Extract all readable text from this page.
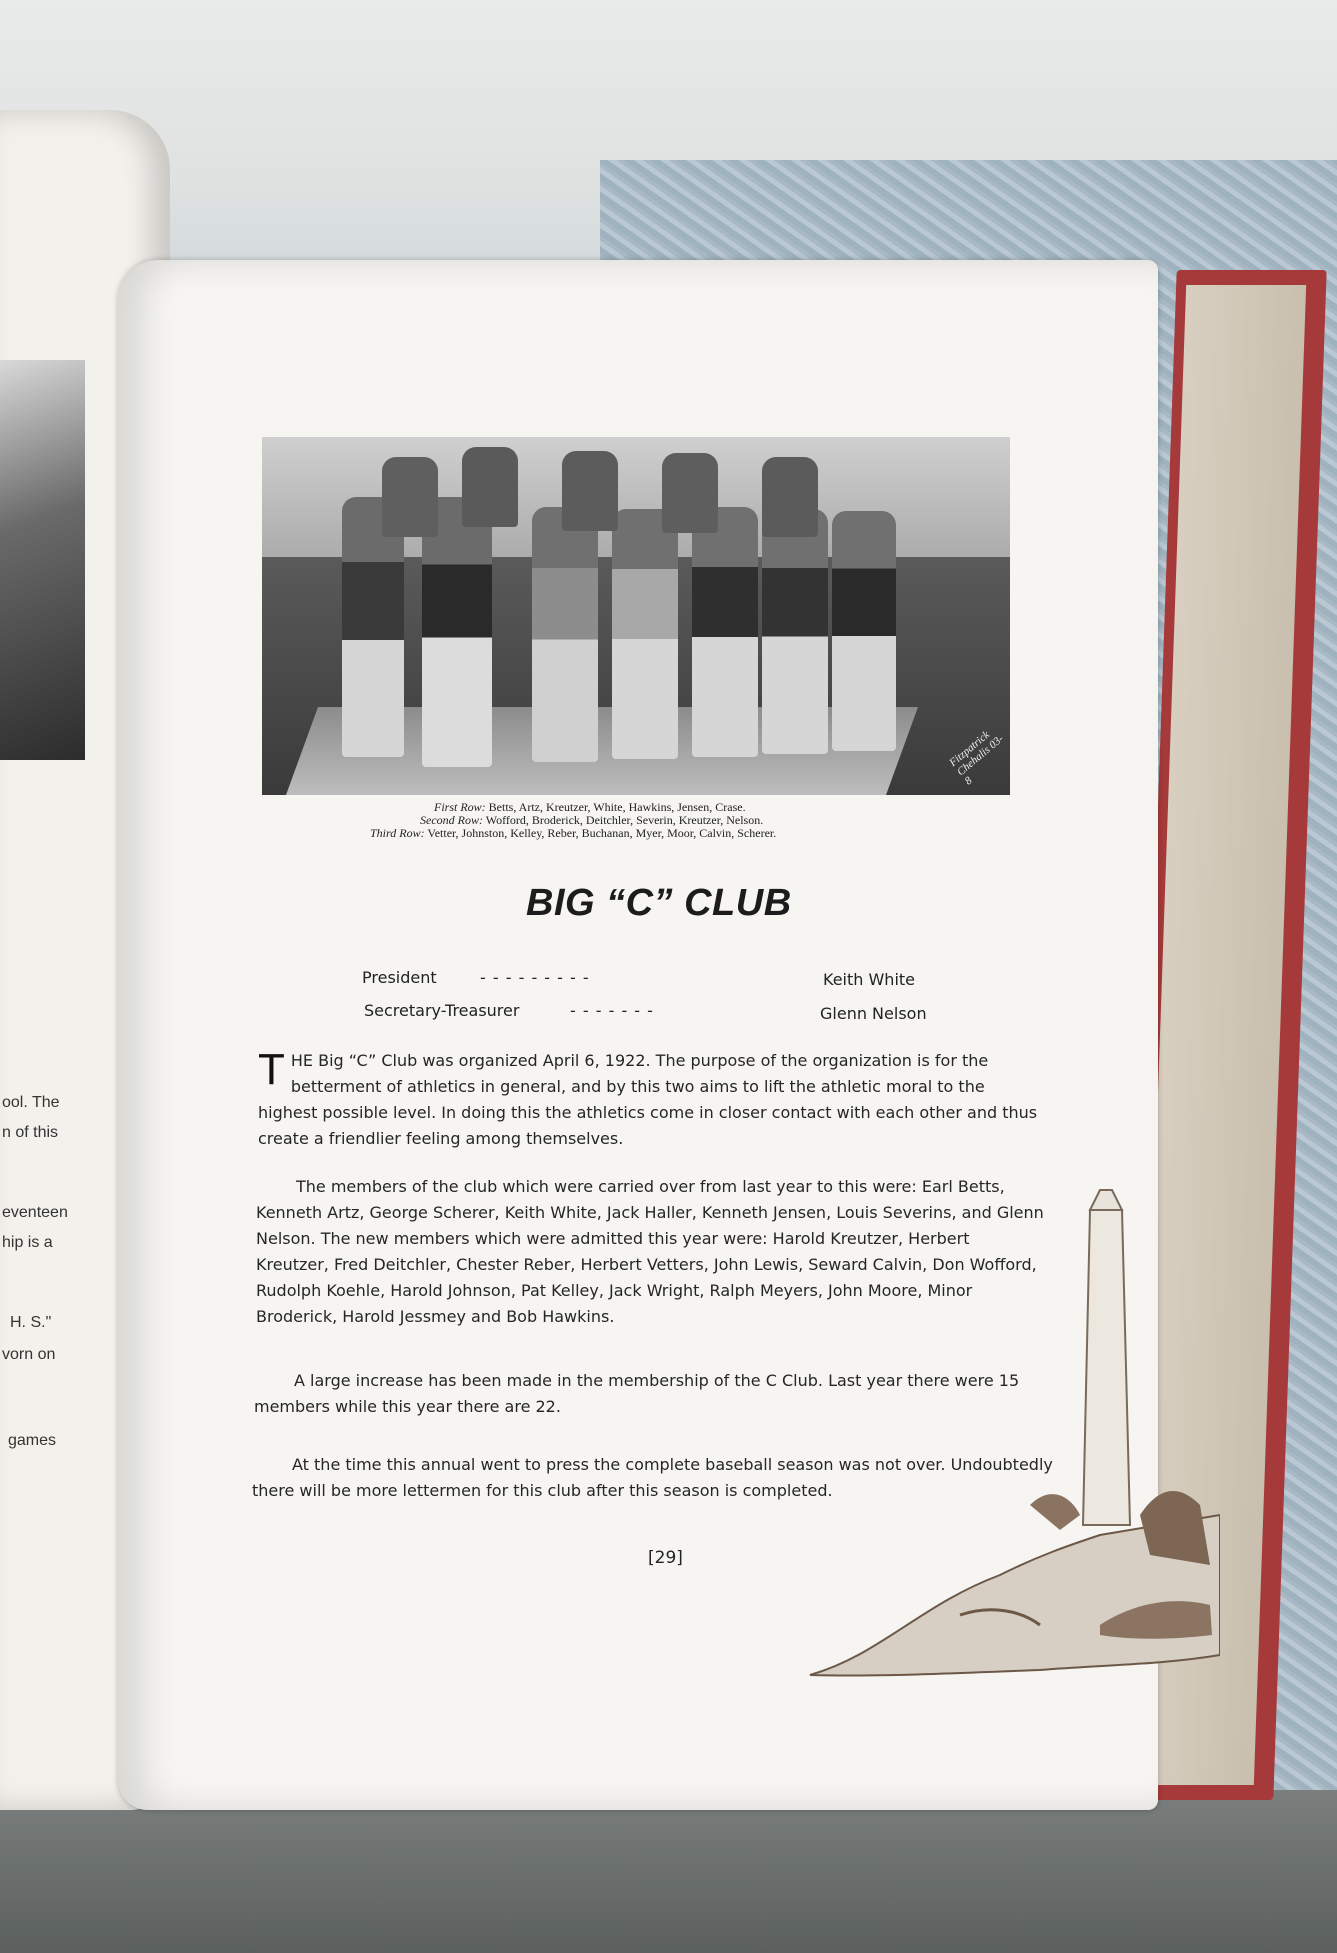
ool. The
n of this
eventeen
hip is a
H. S."
vorn on
games
Fitzpatrick Chehalis 03-8
First Row: Betts, Artz, Kreutzer, White, Hawkins, Jensen, Crase.
Second Row: Wofford, Broderick, Deitchler, Severin, Kreutzer, Nelson.
Third Row: Vetter, Johnston, Kelley, Reber, Buchanan, Myer, Moor, Calvin, Scherer.
BIG “C” CLUB
President	- - - - - - - - -	Keith White
Secretary-Treasurer	- - - - - - -	Glenn Nelson
THE Big “C” Club was organized April 6, 1922. The purpose of the organization is for the betterment of athletics in general, and by this two aims to lift the athletic moral to the highest possible level. In doing this the athletics come in closer contact with each other and thus create a friendlier feeling among themselves.
The members of the club which were carried over from last year to this were: Earl Betts, Kenneth Artz, George Scherer, Keith White, Jack Haller, Kenneth Jensen, Louis Severins, and Glenn Nelson. The new members which were admitted this year were: Harold Kreutzer, Herbert Kreutzer, Fred Deitchler, Chester Reber, Herbert Vetters, John Lewis, Seward Calvin, Don Wofford, Rudolph Koehle, Harold Johnson, Pat Kelley, Jack Wright, Ralph Meyers, John Moore, Minor Broderick, Harold Jessmey and Bob Hawkins.
A large increase has been made in the membership of the C Club. Last year there were 15 members while this year there are 22.
At the time this annual went to press the complete baseball season was not over. Undoubtedly there will be more lettermen for this club after this season is completed.
[29]
